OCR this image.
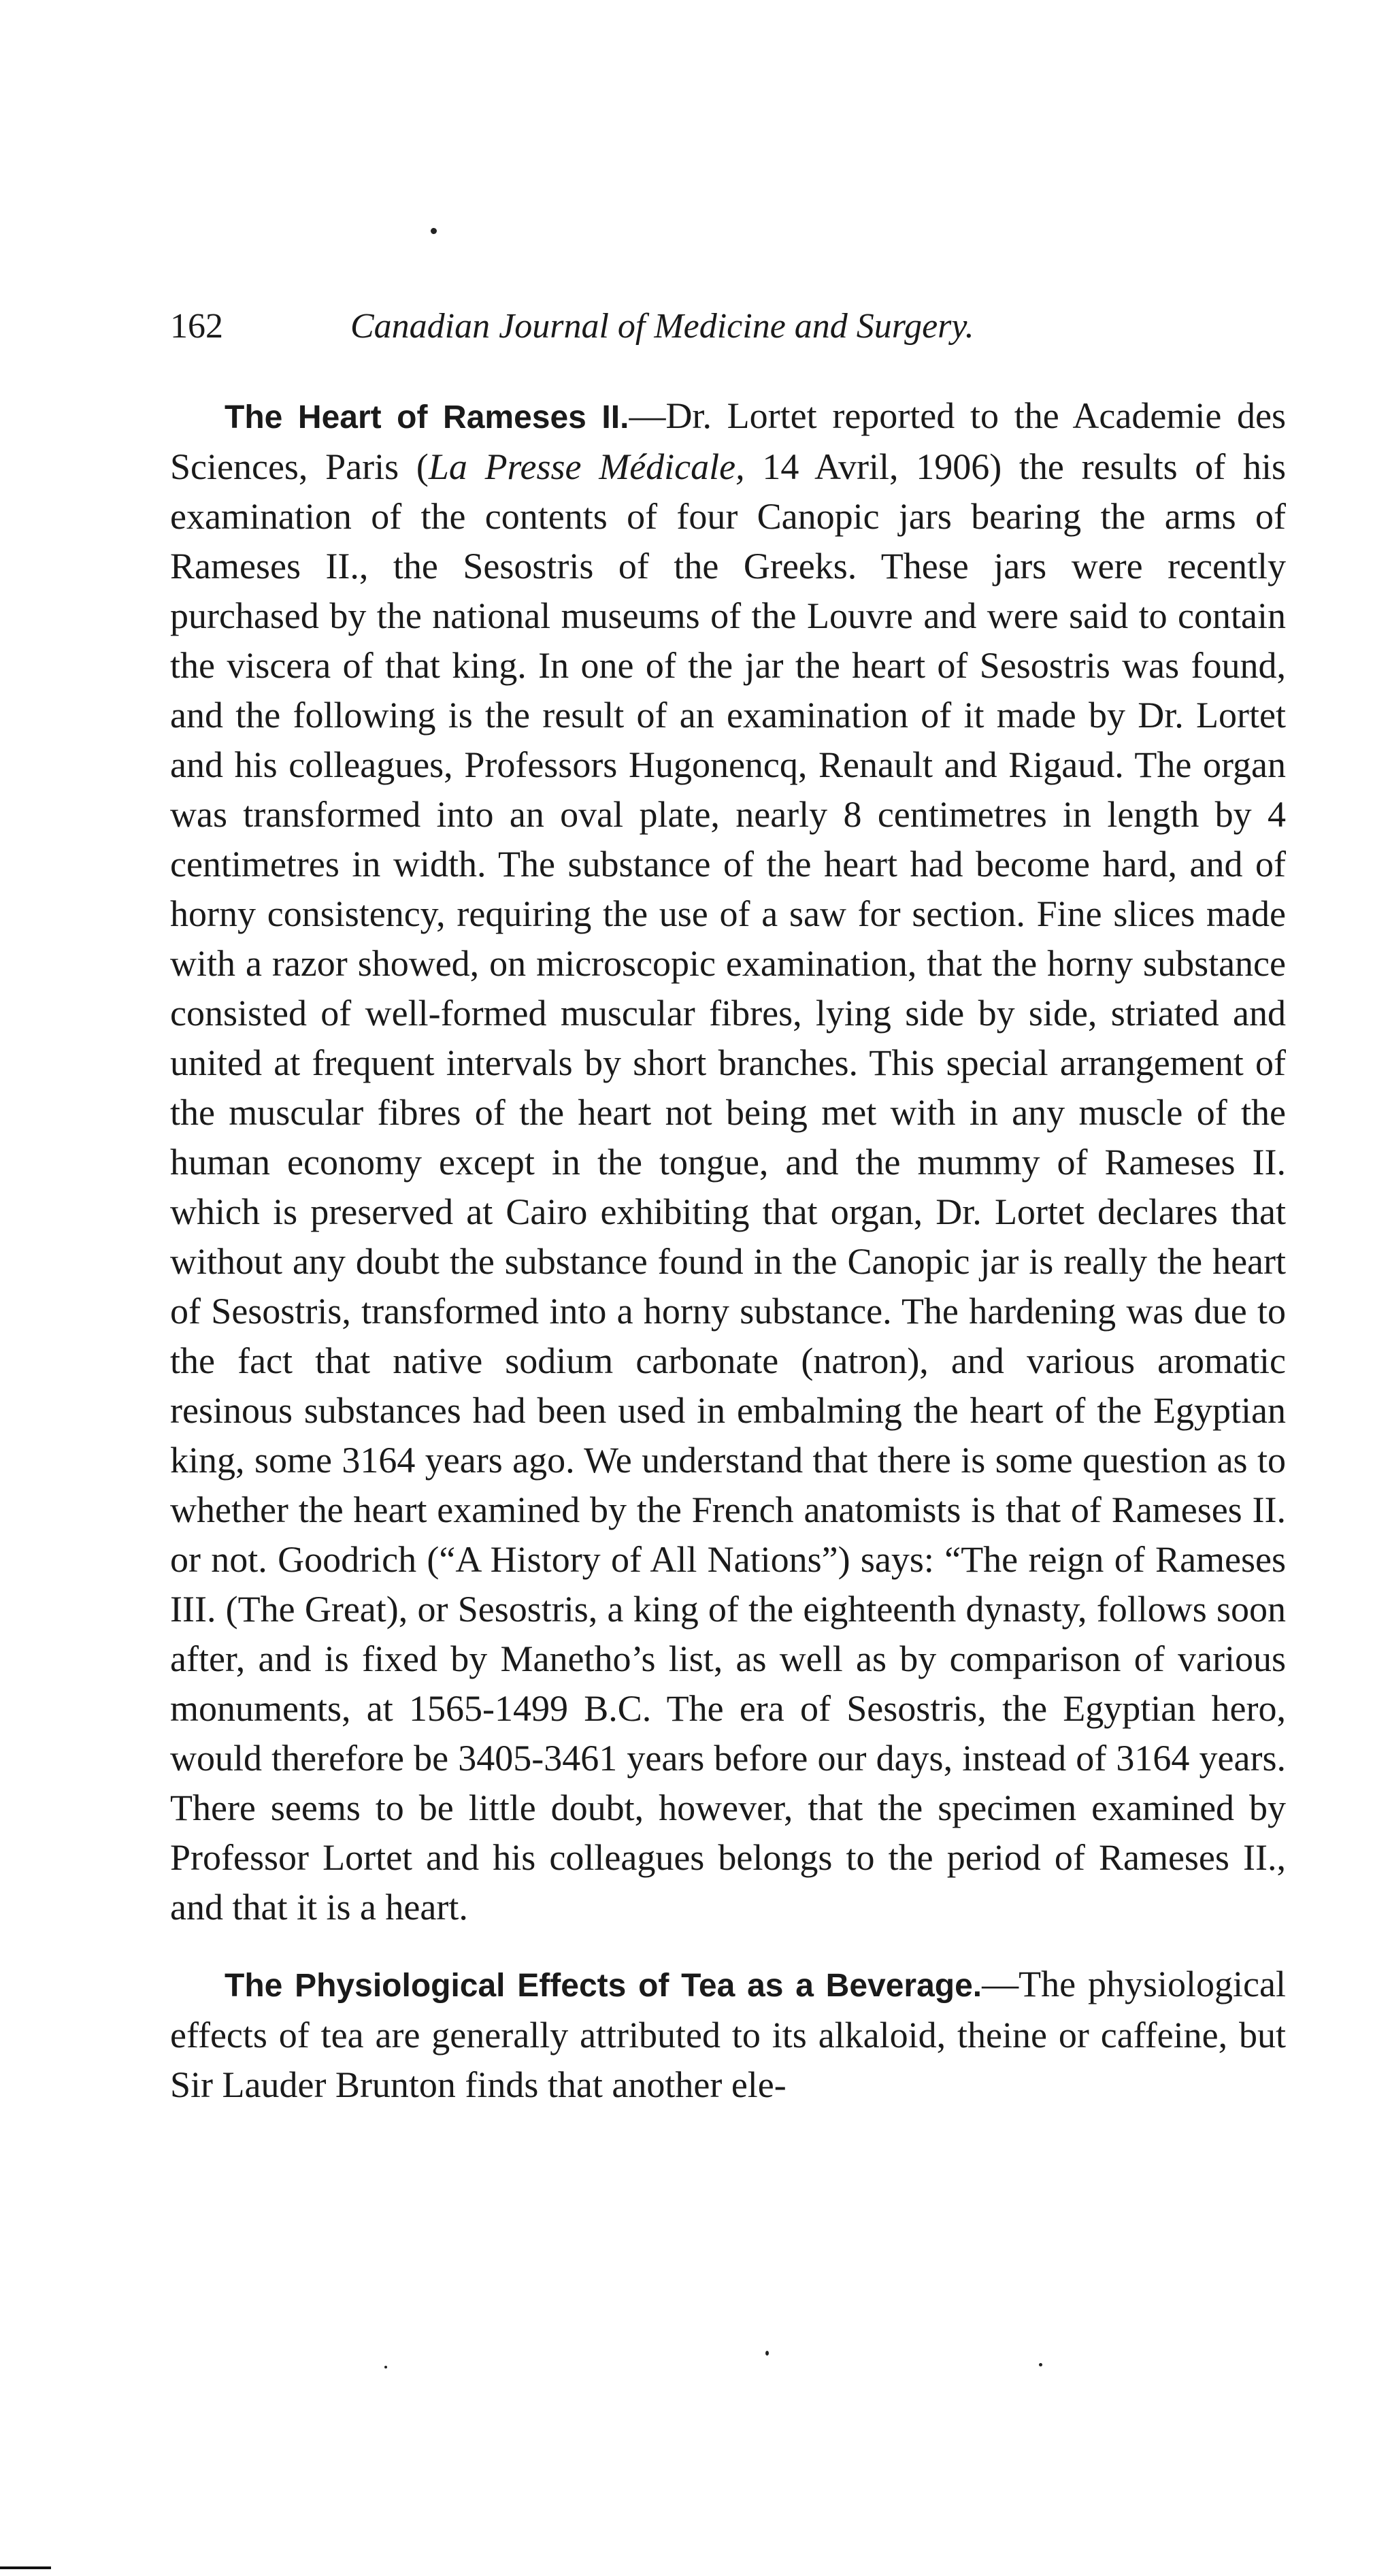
162	Canadian Journal of Medicine and Surgery.

The Heart of Rameses II.—Dr. Lortet reported to the Academie des Sciences, Paris (La Presse Médicale, 14 Avril, 1906) the results of his examination of the contents of four Canopic jars bearing the arms of Rameses II., the Sesostris of the Greeks. These jars were recently purchased by the national museums of the Louvre and were said to contain the viscera of that king. In one of the jar the heart of Sesostris was found, and the following is the result of an examination of it made by Dr. Lortet and his colleagues, Professors Hugonencq, Renault and Rigaud. The organ was transformed into an oval plate, nearly 8 centimetres in length by 4 centimetres in width. The substance of the heart had become hard, and of horny consistency, requiring the use of a saw for section. Fine slices made with a razor showed, on microscopic examination, that the horny substance consisted of well-formed muscular fibres, lying side by side, striated and united at frequent intervals by short branches. This special arrangement of the muscular fibres of the heart not being met with in any muscle of the human economy except in the tongue, and the mummy of Rameses II. which is preserved at Cairo exhibiting that organ, Dr. Lortet declares that without any doubt the substance found in the Canopic jar is really the heart of Sesostris, transformed into a horny substance. The hardening was due to the fact that native sodium carbonate (natron), and various aromatic resinous substances had been used in embalming the heart of the Egyptian king, some 3164 years ago. We understand that there is some question as to whether the heart examined by the French anatomists is that of Rameses II. or not. Goodrich (“A History of All Nations”) says: “The reign of Rameses III. (The Great), or Sesostris, a king of the eighteenth dynasty, follows soon after, and is fixed by Manetho’s list, as well as by comparison of various monuments, at 1565-1499 B.C. The era of Sesostris, the Egyptian hero, would therefore be 3405-3461 years before our days, instead of 3164 years. There seems to be little doubt, however, that the specimen examined by Professor Lortet and his colleagues belongs to the period of Rameses II., and that it is a heart.

The Physiological Effects of Tea as a Beverage.—The physiological effects of tea are generally attributed to its alkaloid, theine or caffeine, but Sir Lauder Brunton finds that another ele-
